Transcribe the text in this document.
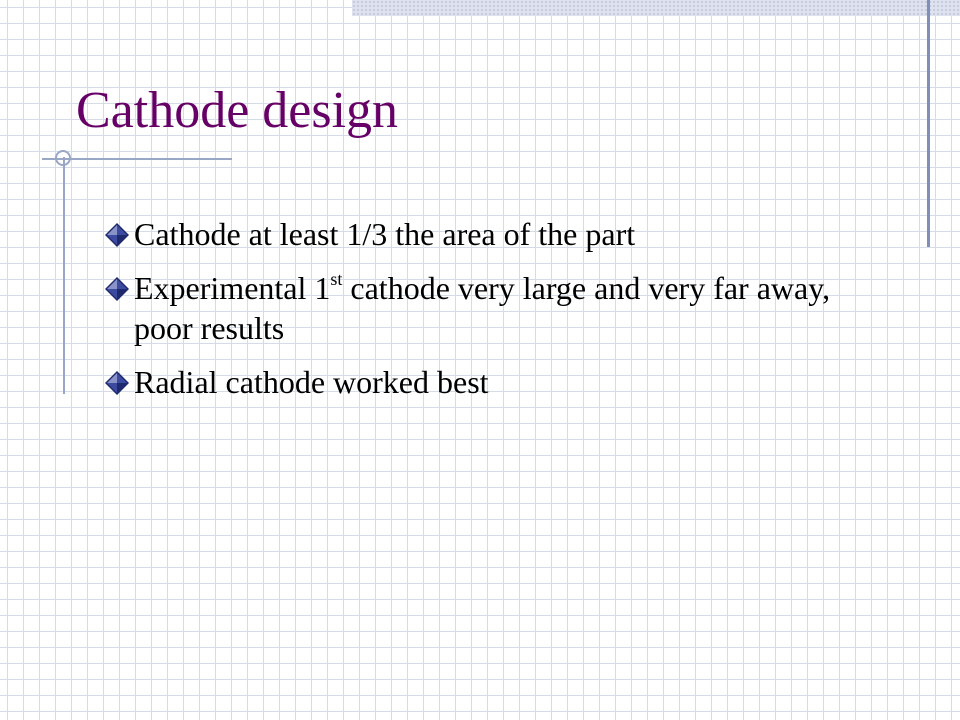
Cathode design
Cathode at least 1/3 the area of the part
Experimental 1st cathode very large and very far away, poor results
Radial cathode worked best
